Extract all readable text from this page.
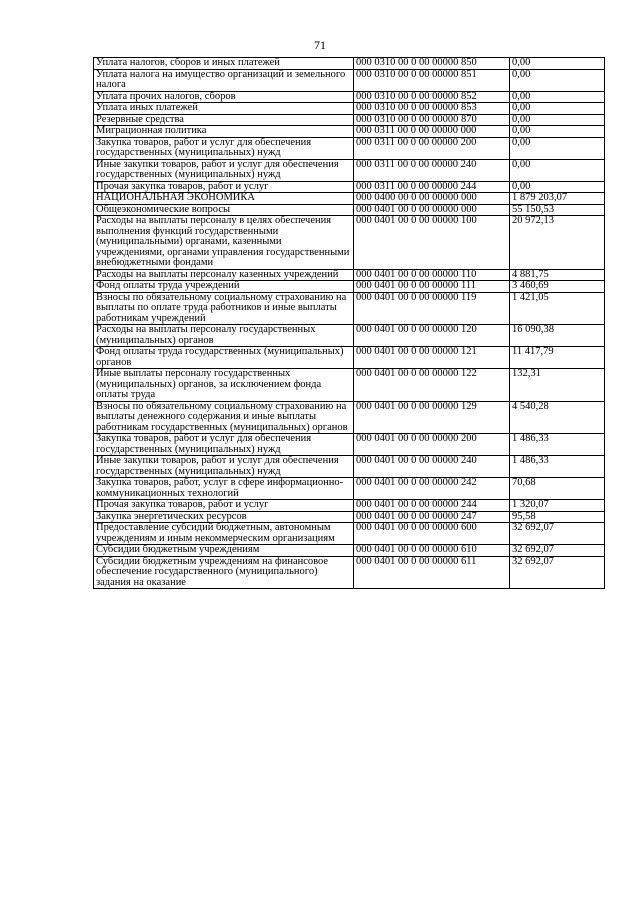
71
Уплата налогов, сборов и иных платежей	000 0310 00 0 00 00000 850	0,00
Уплата налога на имущество организаций и земельного налога	000 0310 00 0 00 00000 851	0,00
Уплата прочих налогов, сборов	000 0310 00 0 00 00000 852	0,00
Уплата иных платежей	000 0310 00 0 00 00000 853	0,00
Резервные средства	000 0310 00 0 00 00000 870	0,00
Миграционная политика	000 0311 00 0 00 00000 000	0,00
Закупка товаров, работ и услуг для обеспечения государственных (муниципальных) нужд	000 0311 00 0 00 00000 200	0,00
Иные закупки товаров, работ и услуг для обеспечения государственных (муниципальных) нужд	000 0311 00 0 00 00000 240	0,00
Прочая закупка товаров, работ и услуг	000 0311 00 0 00 00000 244	0,00
НАЦИОНАЛЬНАЯ ЭКОНОМИКА	000 0400 00 0 00 00000 000	1 879 203,07
Общеэкономические вопросы	000 0401 00 0 00 00000 000	55 150,53
Расходы на выплаты персоналу в целях обеспечения выполнения функций государственными (муниципальными) органами, казенными учреждениями, органами управления государственными внебюджетными фондами	000 0401 00 0 00 00000 100	20 972,13
Расходы на выплаты персоналу казенных учреждений	000 0401 00 0 00 00000 110	4 881,75
Фонд оплаты труда учреждений	000 0401 00 0 00 00000 111	3 460,69
Взносы по обязательному социальному страхованию на выплаты по оплате труда работников и иные выплаты работникам учреждений	000 0401 00 0 00 00000 119	1 421,05
Расходы на выплаты персоналу государственных (муниципальных) органов	000 0401 00 0 00 00000 120	16 090,38
Фонд оплаты труда государственных (муниципальных) органов	000 0401 00 0 00 00000 121	11 417,79
Иные выплаты персоналу государственных (муниципальных) органов, за исключением фонда оплаты труда	000 0401 00 0 00 00000 122	132,31
Взносы по обязательному социальному страхованию на выплаты денежного содержания и иные выплаты работникам государственных (муниципальных) органов	000 0401 00 0 00 00000 129	4 540,28
Закупка товаров, работ и услуг для обеспечения государственных (муниципальных) нужд	000 0401 00 0 00 00000 200	1 486,33
Иные закупки товаров, работ и услуг для обеспечения государственных (муниципальных) нужд	000 0401 00 0 00 00000 240	1 486,33
Закупка товаров, работ, услуг в сфере информационно-коммуникационных технологий	000 0401 00 0 00 00000 242	70,68
Прочая закупка товаров, работ и услуг	000 0401 00 0 00 00000 244	1 320,07
Закупка энергетических ресурсов	000 0401 00 0 00 00000 247	95,58
Предоставление субсидий бюджетным, автономным учреждениям и иным некоммерческим организациям	000 0401 00 0 00 00000 600	32 692,07
Субсидии бюджетным учреждениям	000 0401 00 0 00 00000 610	32 692,07
Субсидии бюджетным учреждениям на финансовое обеспечение государственного (муниципального) задания на оказание	000 0401 00 0 00 00000 611	32 692,07
